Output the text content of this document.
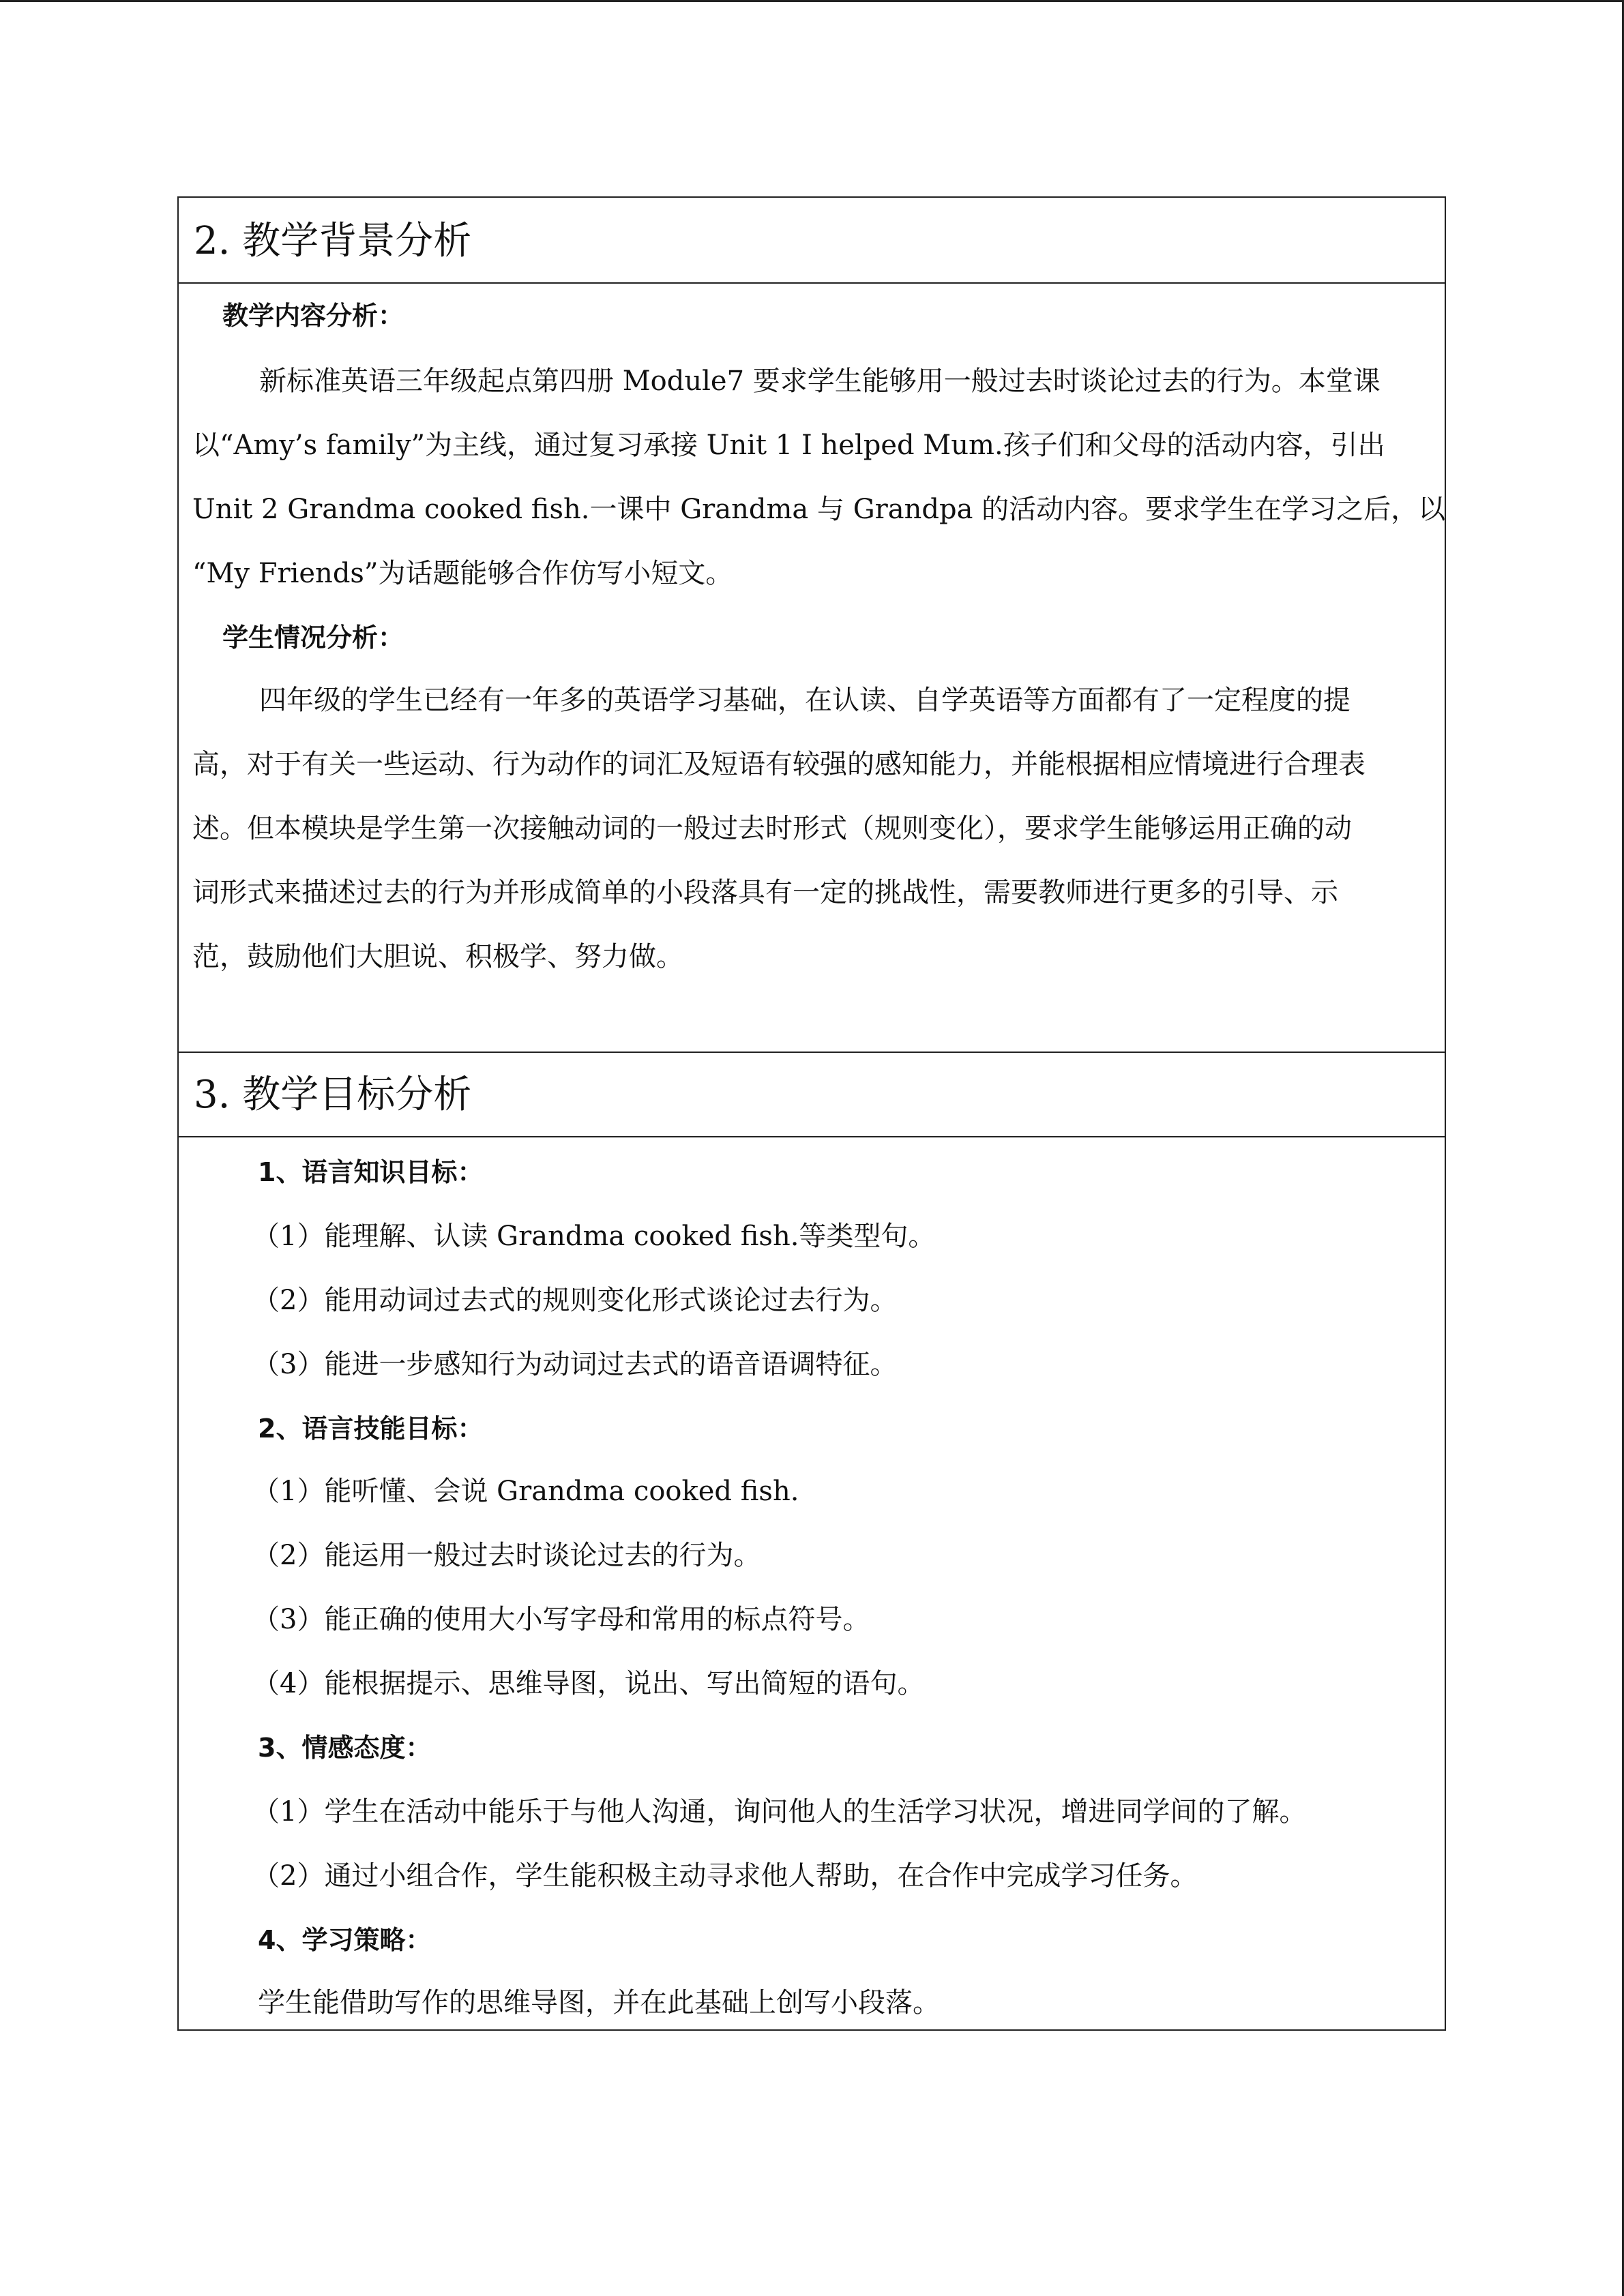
2. 教学背景分析
教学内容分析：
新标准英语三年级起点第四册 Module7 要求学生能够用一般过去时谈论过去的行为。本堂课
以“Amy’s family”为主线，通过复习承接 Unit 1 I helped Mum.孩子们和父母的活动内容，引出
Unit 2 Grandma cooked fish.一课中 Grandma 与 Grandpa 的活动内容。要求学生在学习之后，以
“My Friends”为话题能够合作仿写小短文。
学生情况分析：
四年级的学生已经有一年多的英语学习基础，在认读、自学英语等方面都有了一定程度的提
高，对于有关一些运动、行为动作的词汇及短语有较强的感知能力，并能根据相应情境进行合理表
述。但本模块是学生第一次接触动词的一般过去时形式（规则变化），要求学生能够运用正确的动
词形式来描述过去的行为并形成简单的小段落具有一定的挑战性，需要教师进行更多的引导、示
范，鼓励他们大胆说、积极学、努力做。
3. 教学目标分析
1、语言知识目标：
（1）能理解、认读 Grandma cooked fish.等类型句。
（2）能用动词过去式的规则变化形式谈论过去行为。
（3）能进一步感知行为动词过去式的语音语调特征。
2、语言技能目标：
（1）能听懂、会说 Grandma cooked fish.
（2）能运用一般过去时谈论过去的行为。
（3）能正确的使用大小写字母和常用的标点符号。
（4）能根据提示、思维导图，说出、写出简短的语句。
3、情感态度：
（1）学生在活动中能乐于与他人沟通，询问他人的生活学习状况，增进同学间的了解。
（2）通过小组合作，学生能积极主动寻求他人帮助，在合作中完成学习任务。
4、学习策略：
学生能借助写作的思维导图，并在此基础上创写小段落。
